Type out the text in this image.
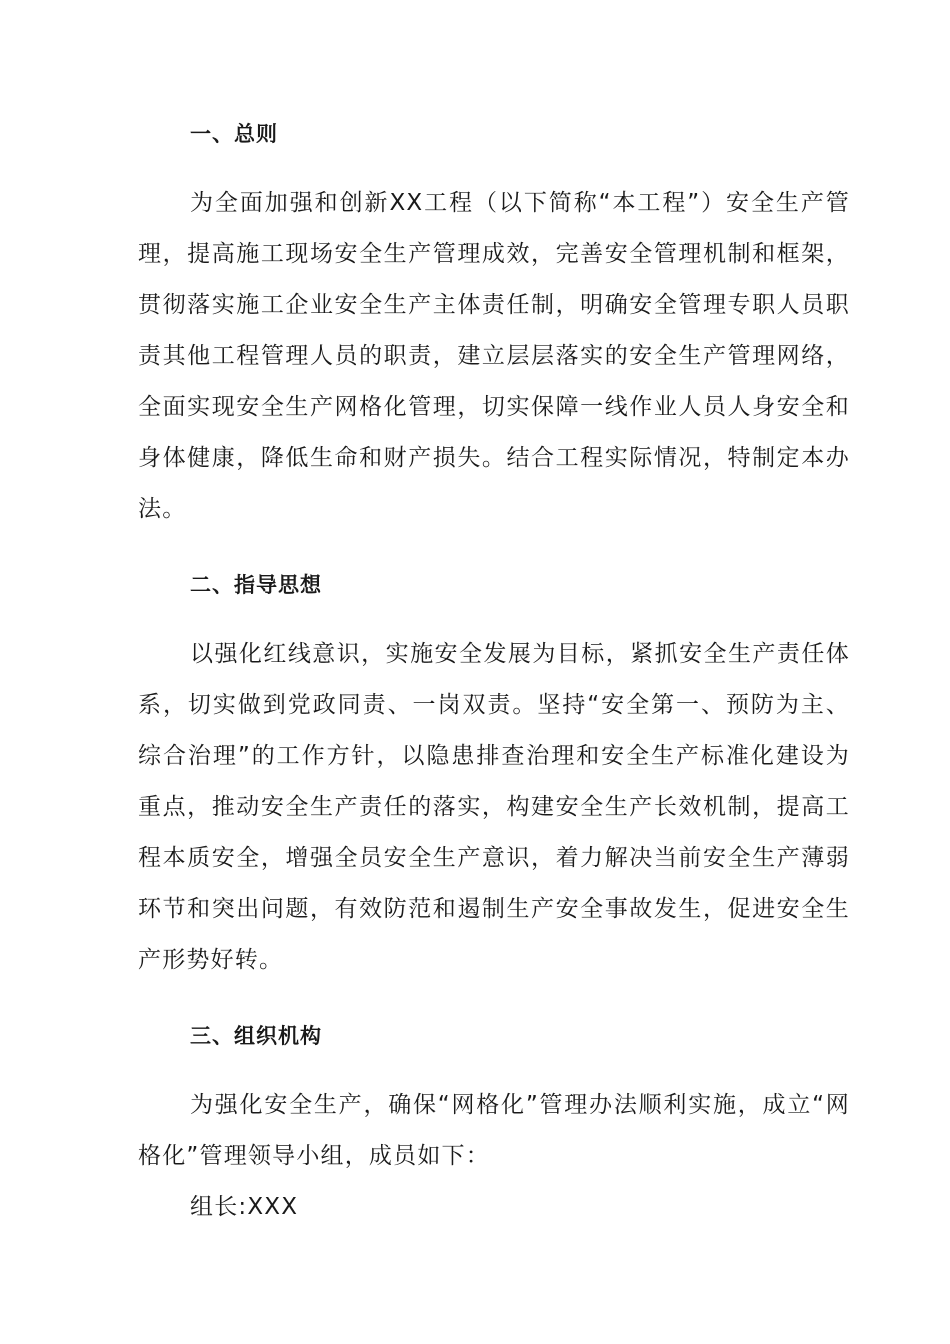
一、总则

为全面加强和创新XX工程（以下简称“本工程”）安全生产管理，提高施工现场安全生产管理成效，完善安全管理机制和框架，贯彻落实施工企业安全生产主体责任制，明确安全管理专职人员职责其他工程管理人员的职责，建立层层落实的安全生产管理网络，全面实现安全生产网格化管理，切实保障一线作业人员人身安全和身体健康，降低生命和财产损失。结合工程实际情况，特制定本办法。

二、指导思想

以强化红线意识，实施安全发展为目标，紧抓安全生产责任体系，切实做到党政同责、一岗双责。坚持“安全第一、预防为主、综合治理”的工作方针，以隐患排查治理和安全生产标准化建设为重点，推动安全生产责任的落实，构建安全生产长效机制，提高工程本质安全，增强全员安全生产意识，着力解决当前安全生产薄弱环节和突出问题，有效防范和遏制生产安全事故发生，促进安全生产形势好转。

三、组织机构

为强化安全生产，确保“网格化”管理办法顺利实施，成立“网格化”管理领导小组，成员如下：

组长:XXX
